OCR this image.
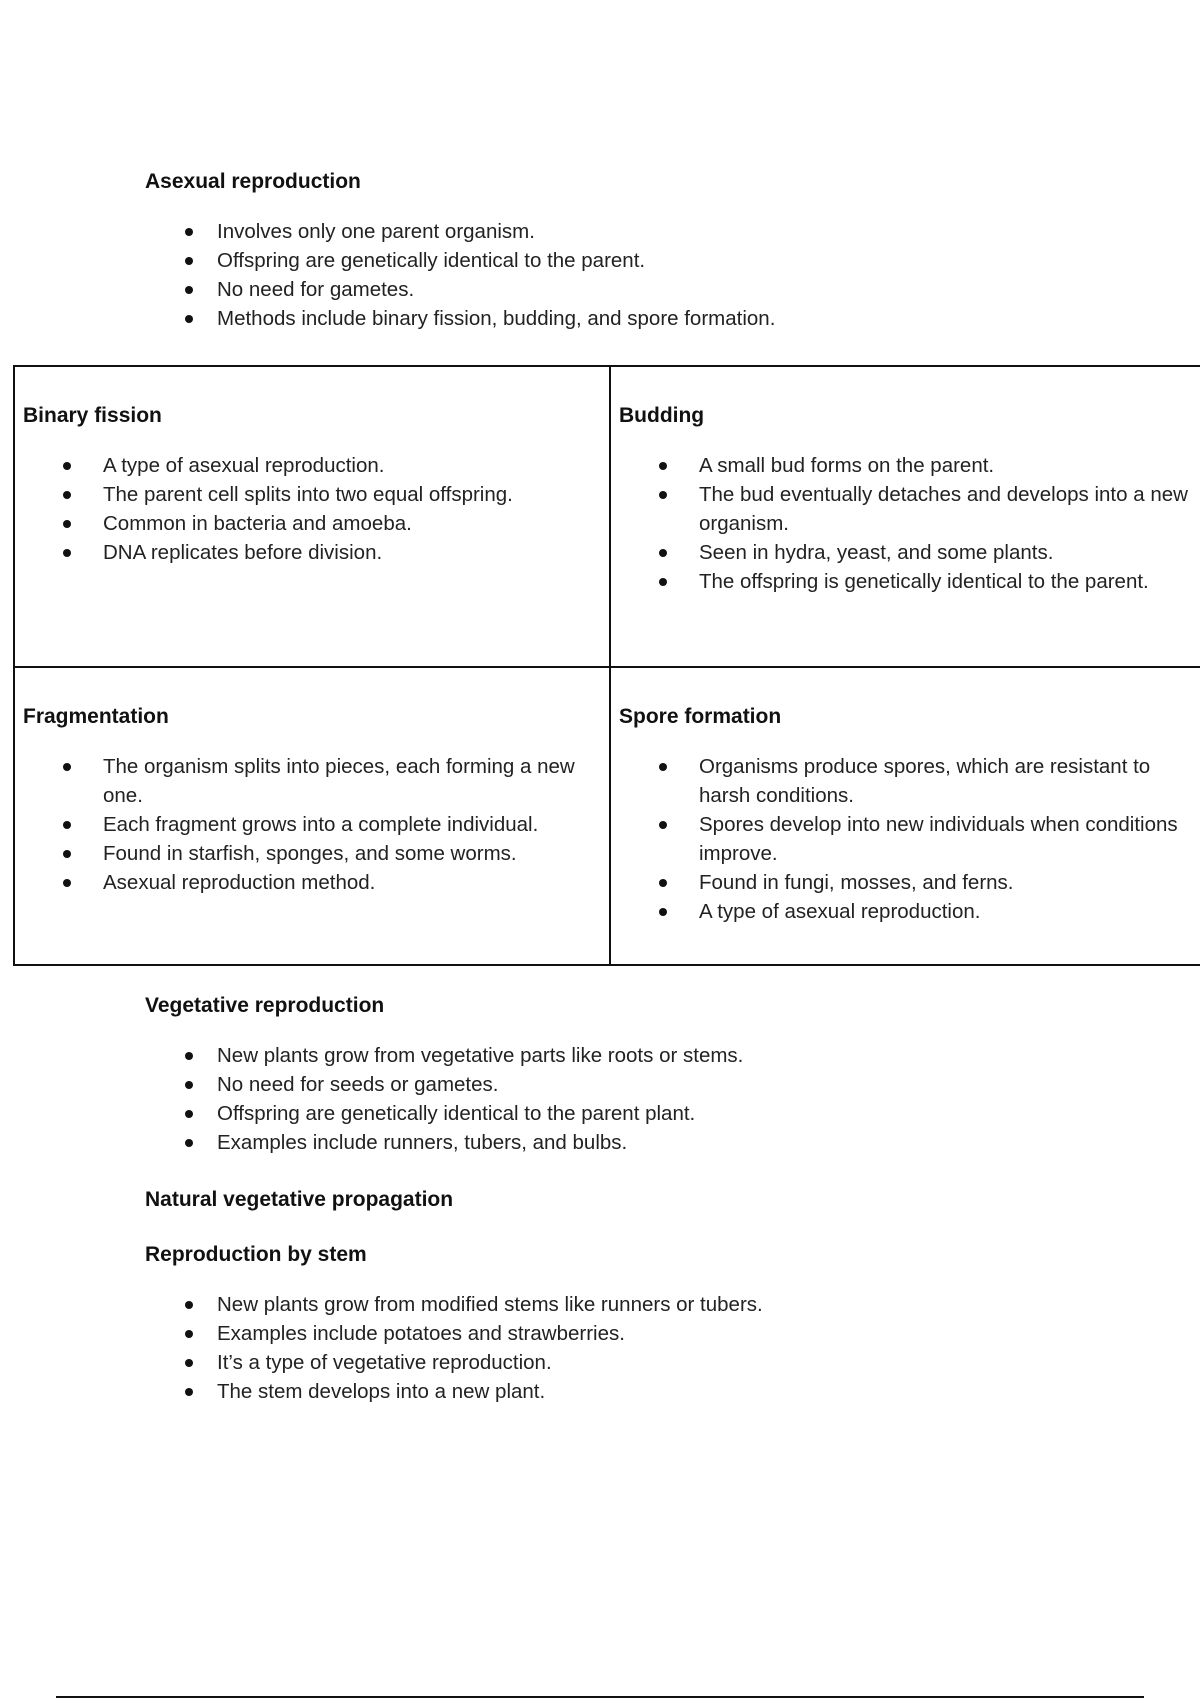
Asexual reproduction
Involves only one parent organism.
Offspring are genetically identical to the parent.
No need for gametes.
Methods include binary fission, budding, and spore formation.
Binary fission
A type of asexual reproduction.
The parent cell splits into two equal offspring.
Common in bacteria and amoeba.
DNA replicates before division.
Budding
A small bud forms on the parent.
The bud eventually detaches and develops into a new organism.
Seen in hydra, yeast, and some plants.
The offspring is genetically identical to the parent.
Fragmentation
The organism splits into pieces, each forming a new one.
Each fragment grows into a complete individual.
Found in starfish, sponges, and some worms.
Asexual reproduction method.
Spore formation
Organisms produce spores, which are resistant to harsh conditions.
Spores develop into new individuals when conditions improve.
Found in fungi, mosses, and ferns.
A type of asexual reproduction.
Vegetative reproduction
New plants grow from vegetative parts like roots or stems.
No need for seeds or gametes.
Offspring are genetically identical to the parent plant.
Examples include runners, tubers, and bulbs.
Natural vegetative propagation
Reproduction by stem
New plants grow from modified stems like runners or tubers.
Examples include potatoes and strawberries.
It’s a type of vegetative reproduction.
The stem develops into a new plant.
